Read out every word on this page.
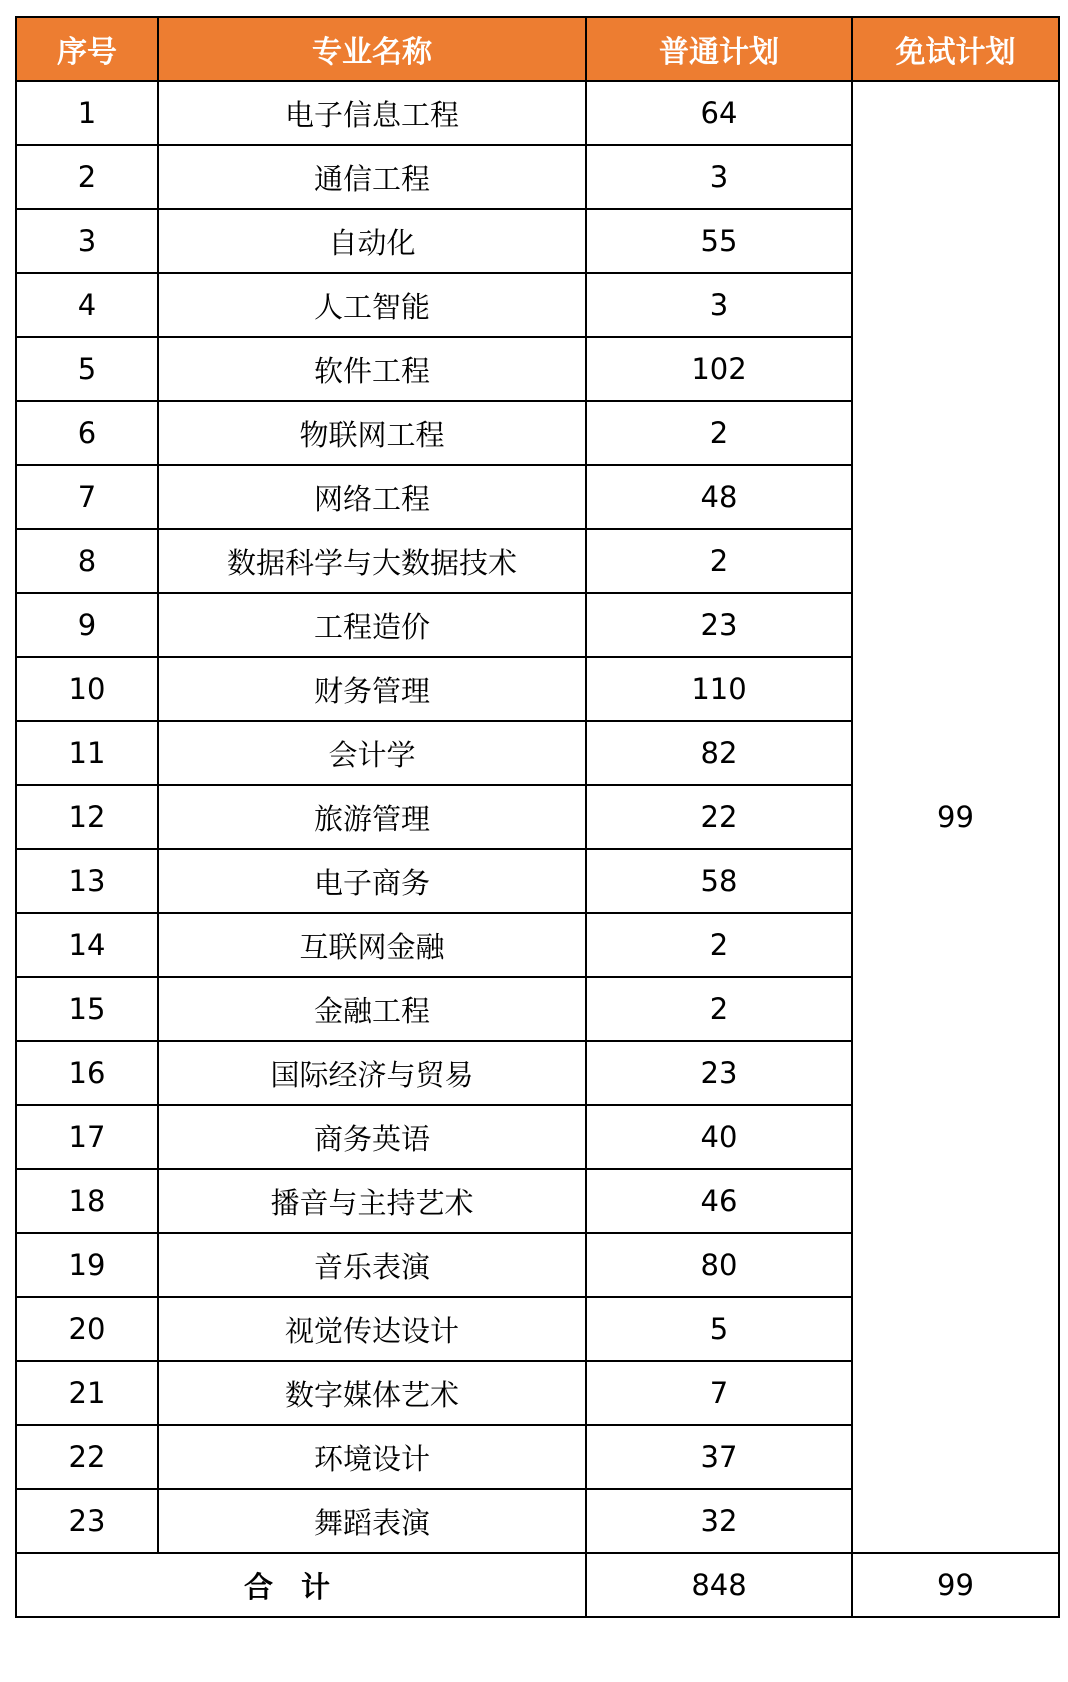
序号	专业名称	普通计划	免试计划
1	电子信息工程	64	99
2	通信工程	3	
3	自动化	55	
4	人工智能	3	
5	软件工程	102	
6	物联网工程	2	
7	网络工程	48	
8	数据科学与大数据技术	2	
9	工程造价	23	
10	财务管理	110	
11	会计学	82	
12	旅游管理	22	
13	电子商务	58	
14	互联网金融	2	
15	金融工程	2	
16	国际经济与贸易	23	
17	商务英语	40	
18	播音与主持艺术	46	
19	音乐表演	80	
20	视觉传达设计	5	
21	数字媒体艺术	7	
22	环境设计	37	
23	舞蹈表演	32	
合计		848	99
